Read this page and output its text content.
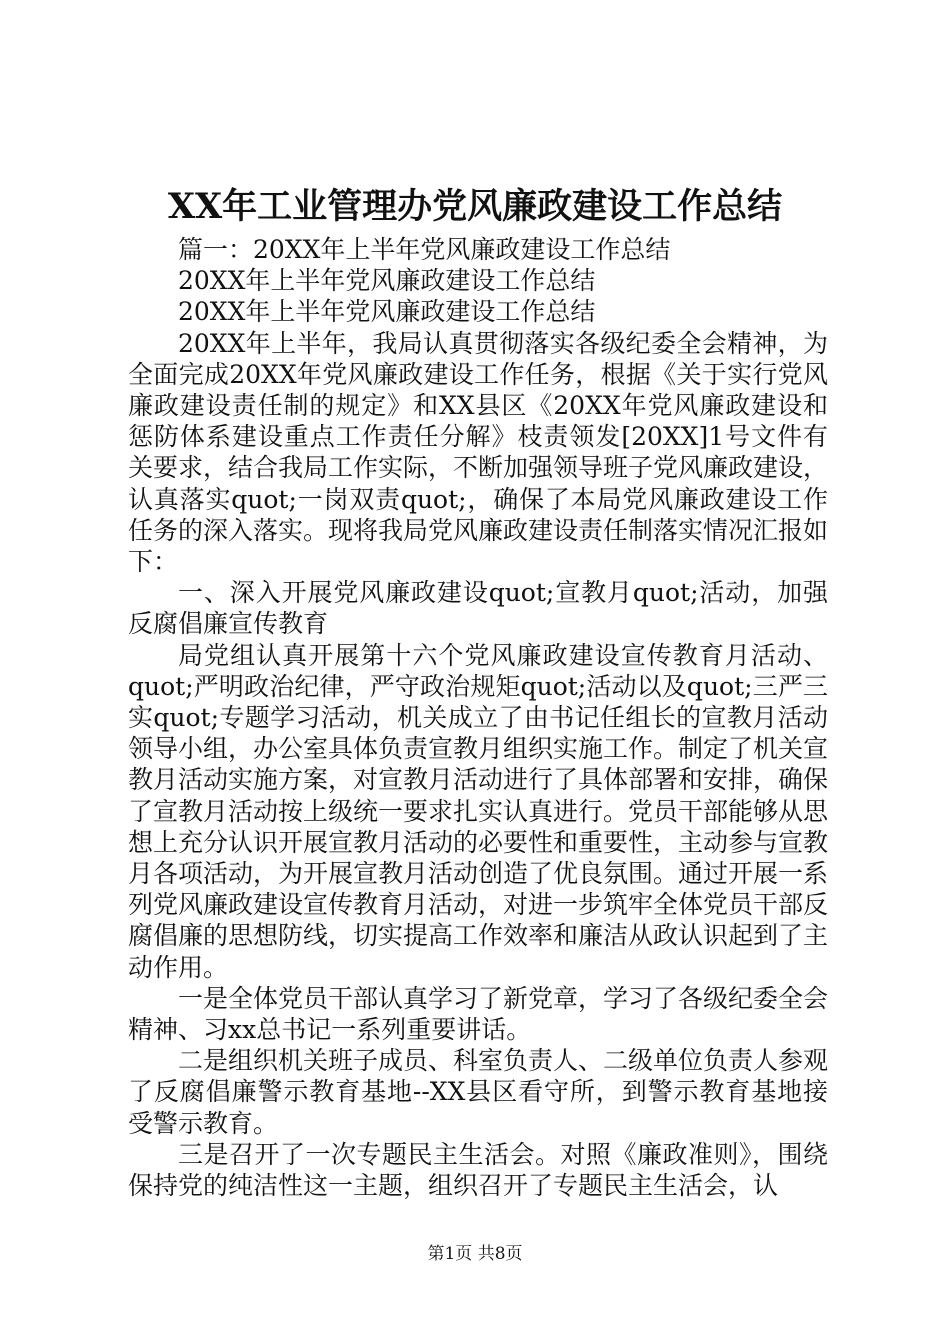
XX年工业管理办党风廉政建设工作总结

篇一：20XX年上半年党风廉政建设工作总结

20XX年上半年党风廉政建设工作总结

20XX年上半年党风廉政建设工作总结

20XX年上半年，我局认真贯彻落实各级纪委全会精神，为全面完成20XX年党风廉政建设工作任务，根据《关于实行党风廉政建设责任制的规定》和XX县区《20XX年党风廉政建设和惩防体系建设重点工作责任分解》枝责领发[20XX]1号文件有关要求，结合我局工作实际，不断加强领导班子党风廉政建设，认真落实quot;一岗双责quot;，确保了本局党风廉政建设工作任务的深入落实。现将我局党风廉政建设责任制落实情况汇报如下：

一、深入开展党风廉政建设quot;宣教月quot;活动，加强反腐倡廉宣传教育

局党组认真开展第十六个党风廉政建设宣传教育月活动、quot;严明政治纪律，严守政治规矩quot;活动以及quot;三严三实quot;专题学习活动，机关成立了由书记任组长的宣教月活动领导小组，办公室具体负责宣教月组织实施工作。制定了机关宣教月活动实施方案，对宣教月活动进行了具体部署和安排，确保了宣教月活动按上级统一要求扎实认真进行。党员干部能够从思想上充分认识开展宣教月活动的必要性和重要性，主动参与宣教月各项活动，为开展宣教月活动创造了优良氛围。通过开展一系列党风廉政建设宣传教育月活动，对进一步筑牢全体党员干部反腐倡廉的思想防线，切实提高工作效率和廉洁从政认识起到了主动作用。

一是全体党员干部认真学习了新党章，学习了各级纪委全会精神、习xx总书记一系列重要讲话。

二是组织机关班子成员、科室负责人、二级单位负责人参观了反腐倡廉警示教育基地--XX县区看守所，到警示教育基地接受警示教育。

三是召开了一次专题民主生活会。对照《廉政准则》，围绕保持党的纯洁性这一主题，组织召开了专题民主生活会，认

第1页 共8页
